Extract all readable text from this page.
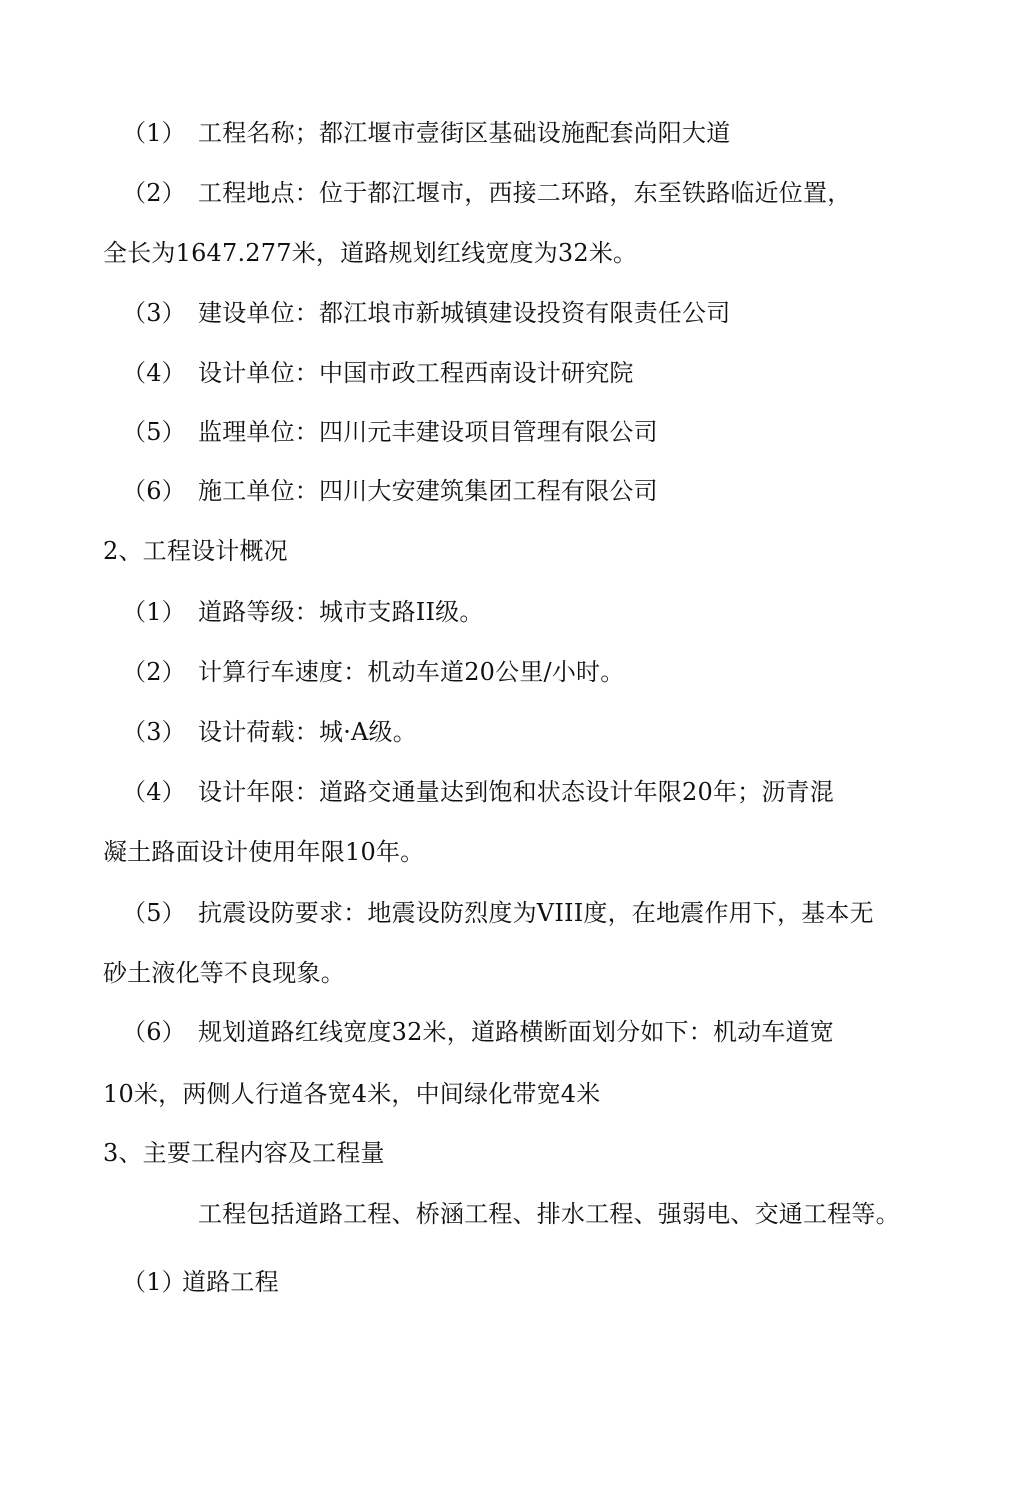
（1） 工程名称；都江堰市壹街区基础设施配套尚阳大道
（2） 工程地点：位于都江堰市，西接二环路，东至铁路临近位置，
全长为1647.277米，道路规划红线宽度为32米。
（3） 建设单位：都江埌市新城镇建设投资有限责任公司
（4） 设计单位：中国市政工程西南设计研究院
（5） 监理单位：四川元丰建设项目管理有限公司
（6） 施工单位：四川大安建筑集团工程有限公司
2、工程设计概况
（1） 道路等级：城市支路II级。
（2） 计算行车速度：机动车道20公里/小时。
（3） 设计荷载：城·A级。
（4） 设计年限：道路交通量达到饱和状态设计年限20年；沥青混
凝土路面设计使用年限10年。
（5） 抗震设防要求：地震设防烈度为VIII度，在地震作用下，基本无
砂土液化等不良现象。
（6） 规划道路红线宽度32米，道路横断面划分如下：机动车道宽
10米，两侧人行道各宽4米，中间绿化带宽4米
3、主要工程内容及工程量
工程包括道路工程、桥涵工程、排水工程、强弱电、交通工程等。
（1）
道路工程
